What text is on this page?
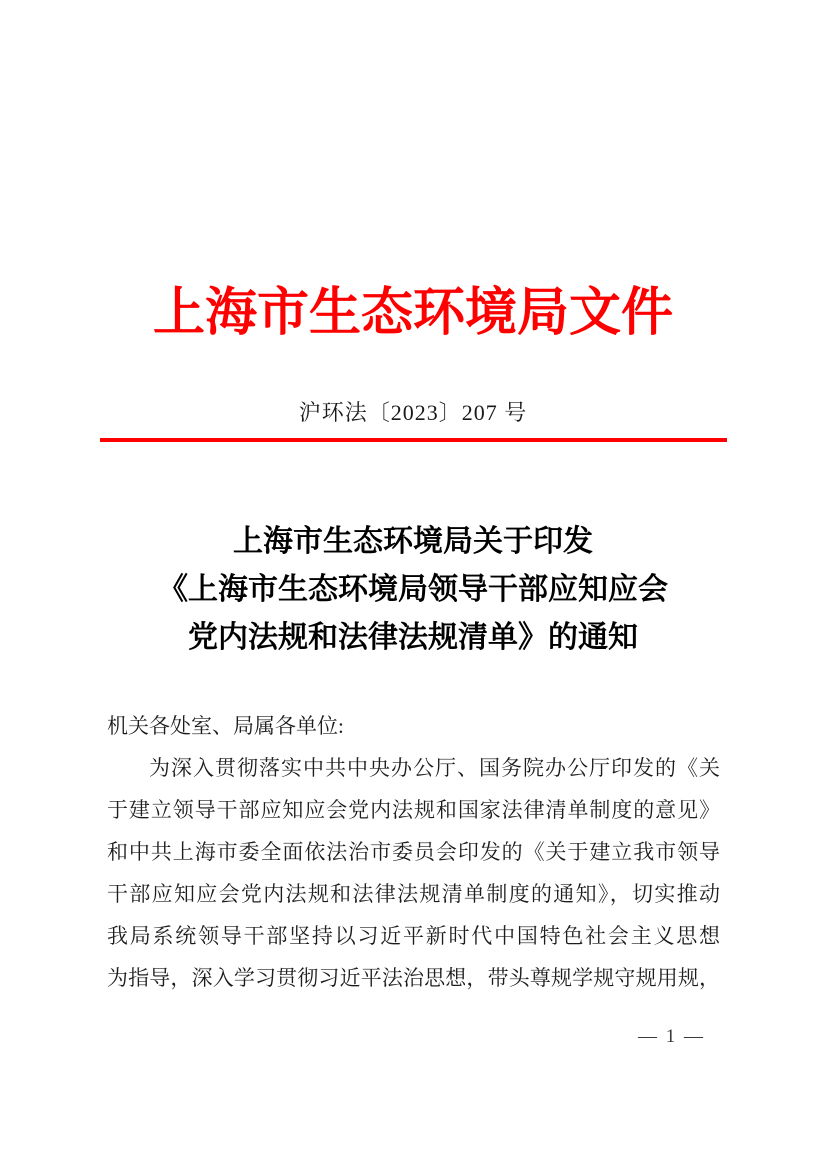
上海市生态环境局文件
沪环法〔2023〕207 号
上海市生态环境局关于印发
《上海市生态环境局领导干部应知应会
党内法规和法律法规清单》的通知
机关各处室、局属各单位:
为深入贯彻落实中共中央办公厅、国务院办公厅印发的《关
于建立领导干部应知应会党内法规和国家法律清单制度的意见》
和中共上海市委全面依法治市委员会印发的《关于建立我市领导
干部应知应会党内法规和法律法规清单制度的通知》，切实推动
我局系统领导干部坚持以习近平新时代中国特色社会主义思想
为指导，深入学习贯彻习近平法治思想，带头尊规学规守规用规，
— 1 —
